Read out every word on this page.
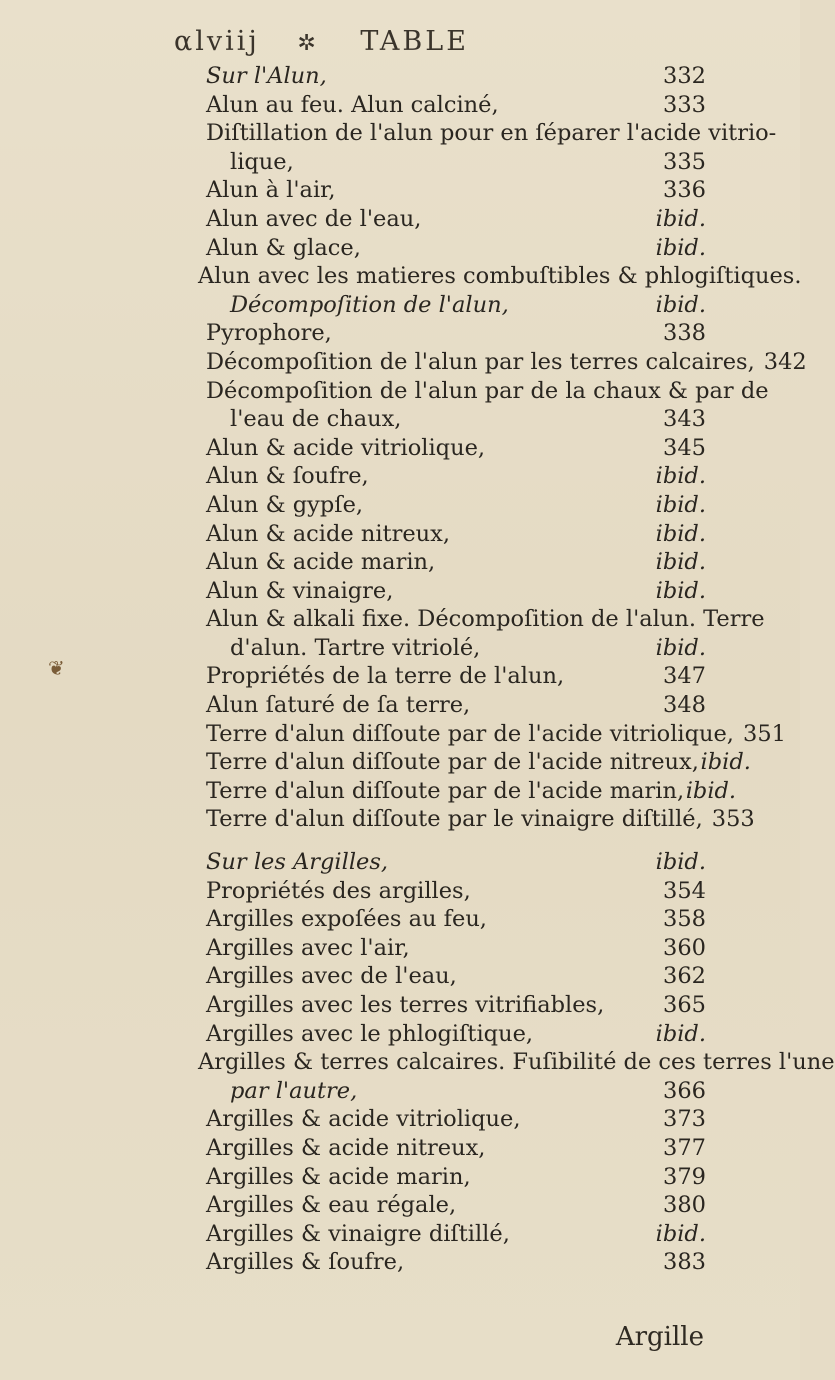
αlviij ✲ TABLE
❦
Sur l'Alun,	332
Alun au feu. Alun calciné,	333
Diſtillation de l'alun pour en ſéparer l'acide vitrio-
lique,	335
Alun à l'air,	336
Alun avec de l'eau,	ibid.
Alun & glace,	ibid.
Alun avec les matieres combuſtibles & phlogiſtiques.
Décompoſition de l'alun,	ibid.
Pyrophore,	338
Décompoſition de l'alun par les terres calcaires, 342
Décompoſition de l'alun par de la chaux & par de
l'eau de chaux,	343
Alun & acide vitriolique,	345
Alun & ſoufre,	ibid.
Alun & gypſe,	ibid.
Alun & acide nitreux,	ibid.
Alun & acide marin,	ibid.
Alun & vinaigre,	ibid.
Alun & alkali fixe. Décompoſition de l'alun. Terre
d'alun. Tartre vitriolé,	ibid.
Propriétés de la terre de l'alun,	347
Alun ſaturé de ſa terre,	348
Terre d'alun diſſoute par de l'acide vitriolique, 351
Terre d'alun diſſoute par de l'acide nitreux, ibid.
Terre d'alun diſſoute par de l'acide marin, ibid.
Terre d'alun diſſoute par le vinaigre diſtillé, 353
Sur les Argilles,	ibid.
Propriétés des argilles,	354
Argilles expoſées au feu,	358
Argilles avec l'air,	360
Argilles avec de l'eau,	362
Argilles avec les terres vitrifiables,	365
Argilles avec le phlogiſtique,	ibid.
Argilles & terres calcaires. Fuſibilité de ces terres l'une
par l'autre,	366
Argilles & acide vitriolique,	373
Argilles & acide nitreux,	377
Argilles & acide marin,	379
Argilles & eau régale,	380
Argilles & vinaigre diſtillé,	ibid.
Argilles & ſoufre,	383
Argille
